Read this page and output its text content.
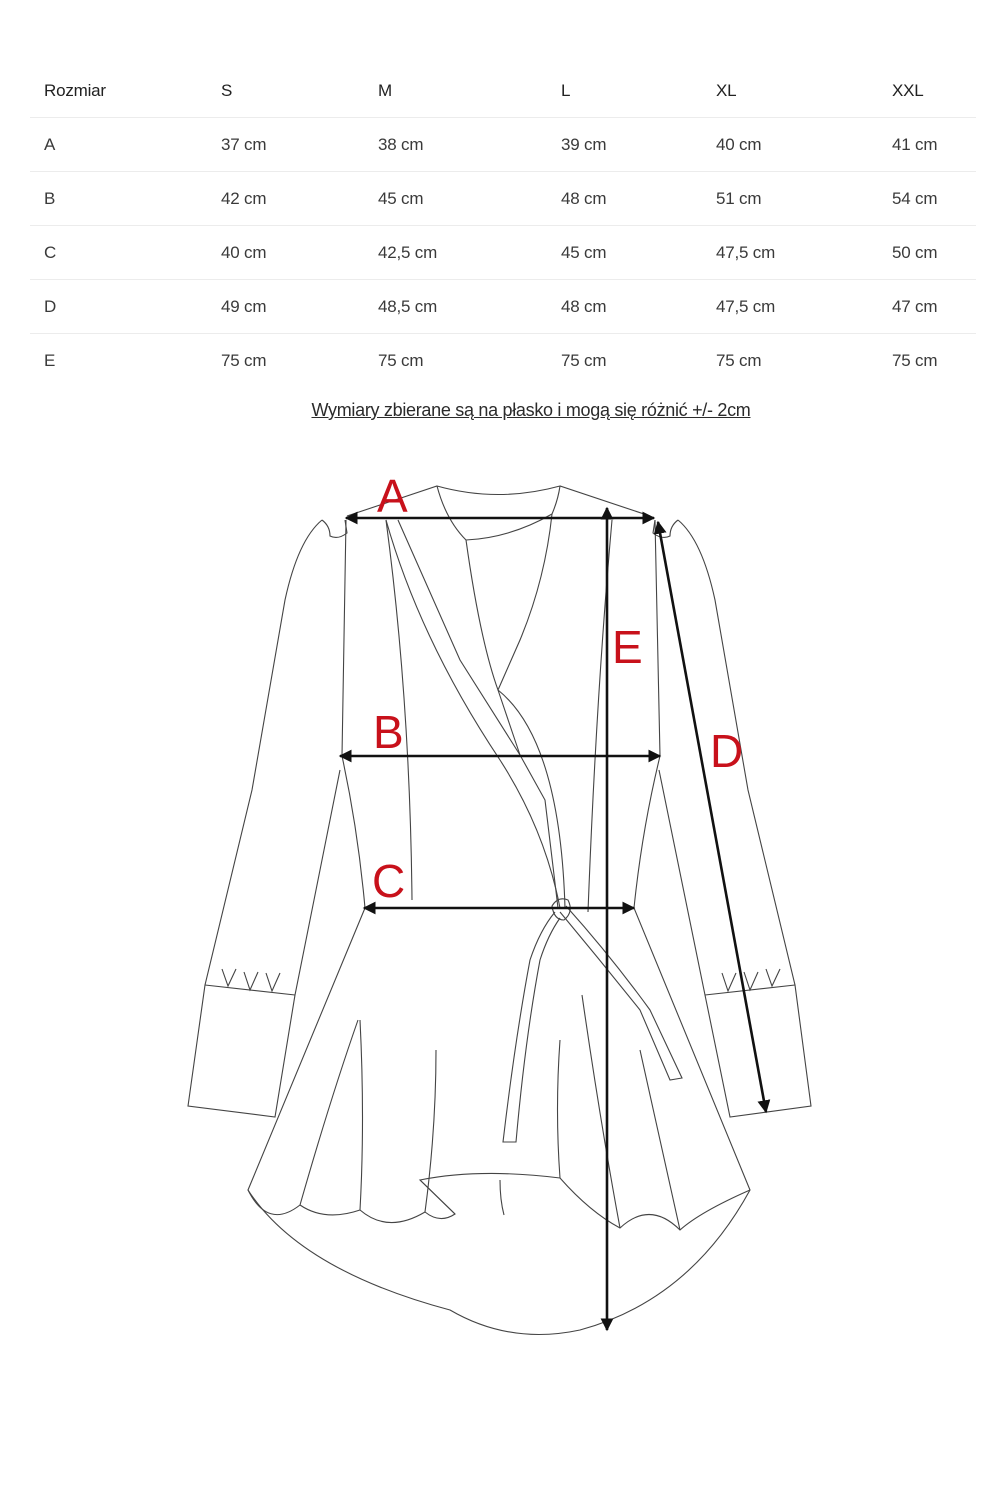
Rozmiar	S	M	L	XL	XXL
A	37 cm	38 cm	39 cm	40 cm	41 cm
B	42 cm	45 cm	48 cm	51 cm	54 cm
C	40 cm	42,5 cm	45 cm	47,5 cm	50 cm
D	49 cm	48,5 cm	48 cm	47,5 cm	47 cm
E	75 cm	75 cm	75 cm	75 cm	75 cm
Wymiary zbierane są na płasko i mogą się różnić +/- 2cm
A
B
C
D
E
